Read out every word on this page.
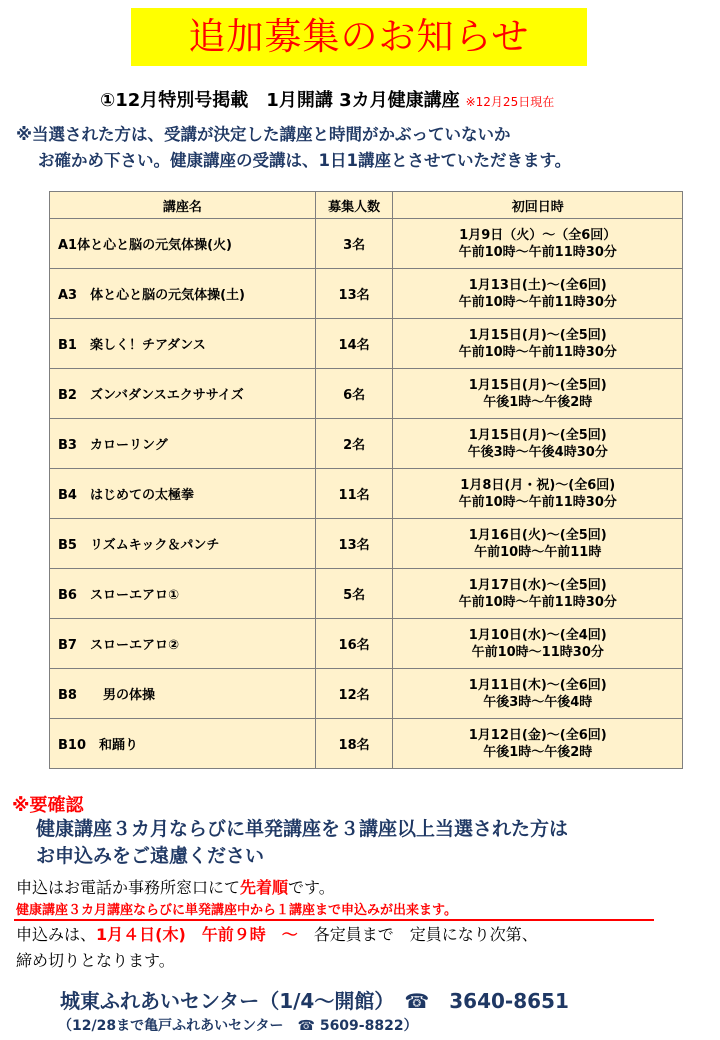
追加募集のお知らせ
①12月特別号掲載　1月開講 3カ月健康講座 ※12月25日現在
※当選された方は、受講が決定した講座と時間がかぶっていないか
お確かめ下さい。健康講座の受講は、1日1講座とさせていただきます。
講座名	募集人数	初回日時
A1体と心と脳の元気体操(火)	3名	1月9日（火）～（全6回）
午前10時～午前11時30分

A3　体と心と脳の元気体操(土)	13名	1月13日(土)～(全6回)
午前10時～午前11時30分

B1　楽しく！チアダンス	14名	1月15日(月)～(全5回)
午前10時～午前11時30分

B2　ズンバダンスエクササイズ	6名	1月15日(月)～(全5回)
午後1時～午後2時

B3　カローリング	2名	1月15日(月)～(全5回)
午後3時～午後4時30分

B4　はじめての太極拳	11名	1月8日(月・祝)～(全6回)
午前10時～午前11時30分

B5　リズムキック＆パンチ	13名	1月16日(火)～(全5回)
午前10時～午前11時

B6　スローエアロ①	5名	1月17日(水)～(全5回)
午前10時～午前11時30分

B7　スローエアロ②	16名	1月10日(水)～(全4回)
午前10時～11時30分

B8　　男の体操	12名	1月11日(木)～(全6回)
午後3時～午後4時

B10　和踊り	18名	1月12日(金)～(全6回)
午後1時～午後2時
※要確認
健康講座３カ月ならびに単発講座を３講座以上当選された方は
お申込みをご遠慮ください
申込はお電話か事務所窓口にて先着順です。
健康講座３カ月講座ならびに単発講座中から１講座まで申込みが出来ます。
申込みは、1月４日(木)　午前９時　～　各定員まで　定員になり次第、
締め切りとなります。
城東ふれあいセンター（1/4～開館）　☎　3640-8651
（12/28まで亀戸ふれあいセンター　☎ 5609-8822）
